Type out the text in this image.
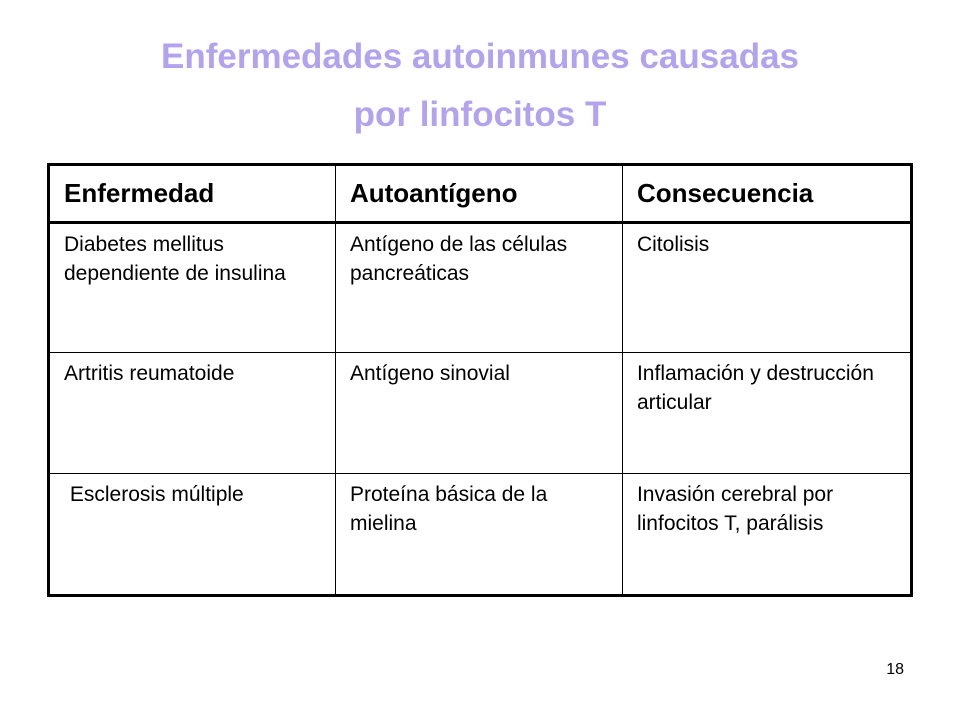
Enfermedades autoinmunes causadas
por linfocitos T
Enfermedad	Autoantígeno	Consecuencia
Diabetes mellitus dependiente de insulina	Antígeno de las células pancreáticas	Citolisis
Artritis reumatoide	Antígeno sinovial	Inflamación y destrucción articular
Esclerosis múltiple	Proteína básica de la mielina	Invasión cerebral por linfocitos T, parálisis
18
